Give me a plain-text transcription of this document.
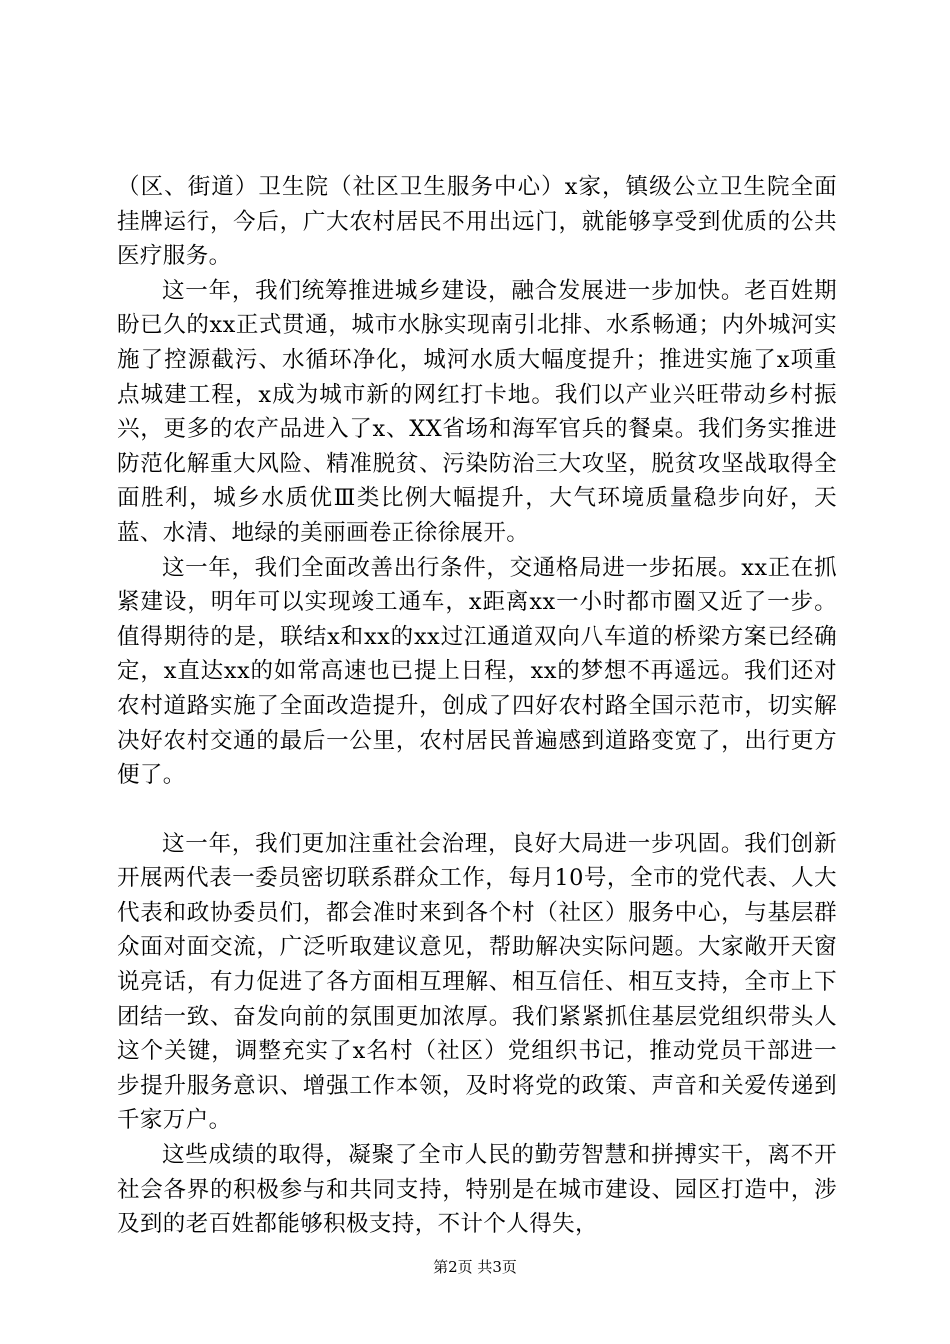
（区、街道）卫生院（社区卫生服务中心）x家，镇级公立卫生院全面挂牌运行，今后，广大农村居民不用出远门，就能够享受到优质的公共医疗服务。

这一年，我们统筹推进城乡建设，融合发展进一步加快。老百姓期盼已久的xx正式贯通，城市水脉实现南引北排、水系畅通；内外城河实施了控源截污、水循环净化，城河水质大幅度提升；推进实施了x项重点城建工程，x成为城市新的网红打卡地。我们以产业兴旺带动乡村振兴，更多的农产品进入了x、XX省场和海军官兵的餐桌。我们务实推进防范化解重大风险、精准脱贫、污染防治三大攻坚，脱贫攻坚战取得全面胜利，城乡水质优Ⅲ类比例大幅提升，大气环境质量稳步向好，天蓝、水清、地绿的美丽画卷正徐徐展开。

这一年，我们全面改善出行条件，交通格局进一步拓展。xx正在抓紧建设，明年可以实现竣工通车，x距离xx一小时都市圈又近了一步。值得期待的是，联结x和xx的xx过江通道双向八车道的桥梁方案已经确定，x直达xx的如常高速也已提上日程，xx的梦想不再遥远。我们还对农村道路实施了全面改造提升，创成了四好农村路全国示范市，切实解决好农村交通的最后一公里，农村居民普遍感到道路变宽了，出行更方便了。

这一年，我们更加注重社会治理，良好大局进一步巩固。我们创新开展两代表一委员密切联系群众工作，每月10号，全市的党代表、人大代表和政协委员们，都会准时来到各个村（社区）服务中心，与基层群众面对面交流，广泛听取建议意见，帮助解决实际问题。大家敞开天窗说亮话，有力促进了各方面相互理解、相互信任、相互支持，全市上下团结一致、奋发向前的氛围更加浓厚。我们紧紧抓住基层党组织带头人这个关键，调整充实了x名村（社区）党组织书记，推动党员干部进一步提升服务意识、增强工作本领，及时将党的政策、声音和关爱传递到千家万户。

这些成绩的取得，凝聚了全市人民的勤劳智慧和拼搏实干，离不开社会各界的积极参与和共同支持，特别是在城市建设、园区打造中，涉及到的老百姓都能够积极支持，不计个人得失，

第2页 共3页
